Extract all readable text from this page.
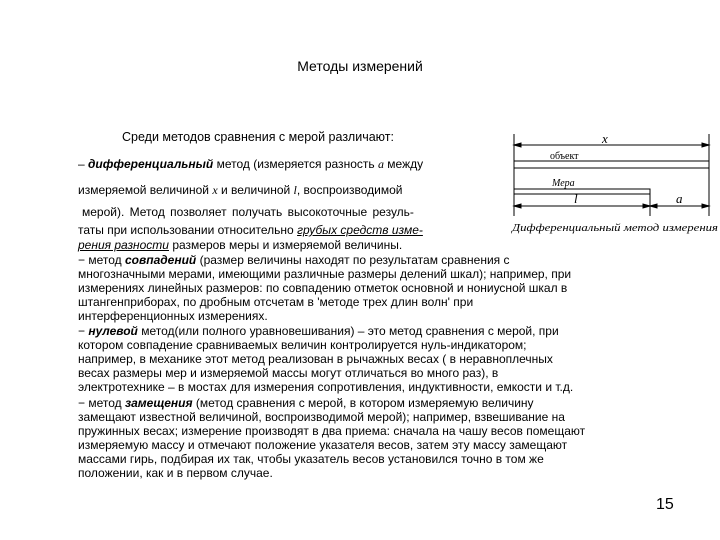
Методы измерений
Среди методов сравнения с мерой различают:
– дифференциальный метод (измеряется разность a между
измеряемой величиной x и величиной l, воспроизводимой
мерой). Метод позволяет получать высокоточные резуль-
таты при использовании относительно грубых средств изме-
рения разности размеров меры и измеряемой величины.
− метод совпадений (размер величины находят по результатам сравнения с
многозначными мерами, имеющими различные размеры делений шкал); например, при
измерениях линейных размеров: по совпадению отметок основной и нониусной шкал в
штангенприборах, по дробным отсчетам в 'методе трех длин волн' при
интерференционных измерениях.
− нулевой метод(или полного уравновешивания) – это метод сравнения с мерой, при
котором совпадение сравниваемых величин контролируется нуль-индикатором;
например, в механике этот метод реализован в рычажных весах ( в неравноплечных
весах размеры мер и измеряемой массы могут отличаться во много раз), в
электротехнике – в мостах для измерения сопротивления, индуктивности, емкости и т.д.
− метод замещения (метод сравнения с мерой, в котором измеряемую величину
замещают известной величиной, воспроизводимой мерой); например, взвешивание на
пружинных весах; измерение производят в два приема: сначала на чашу весов помещают
измеряемую массу и отмечают положение указателя весов, затем эту массу замещают
массами гирь, подбирая их так, чтобы указатель весов установился точно в том же
положении, как и в первом случае.
x
объект
Мера
l	a
Дифференциальный метод измерения
15
